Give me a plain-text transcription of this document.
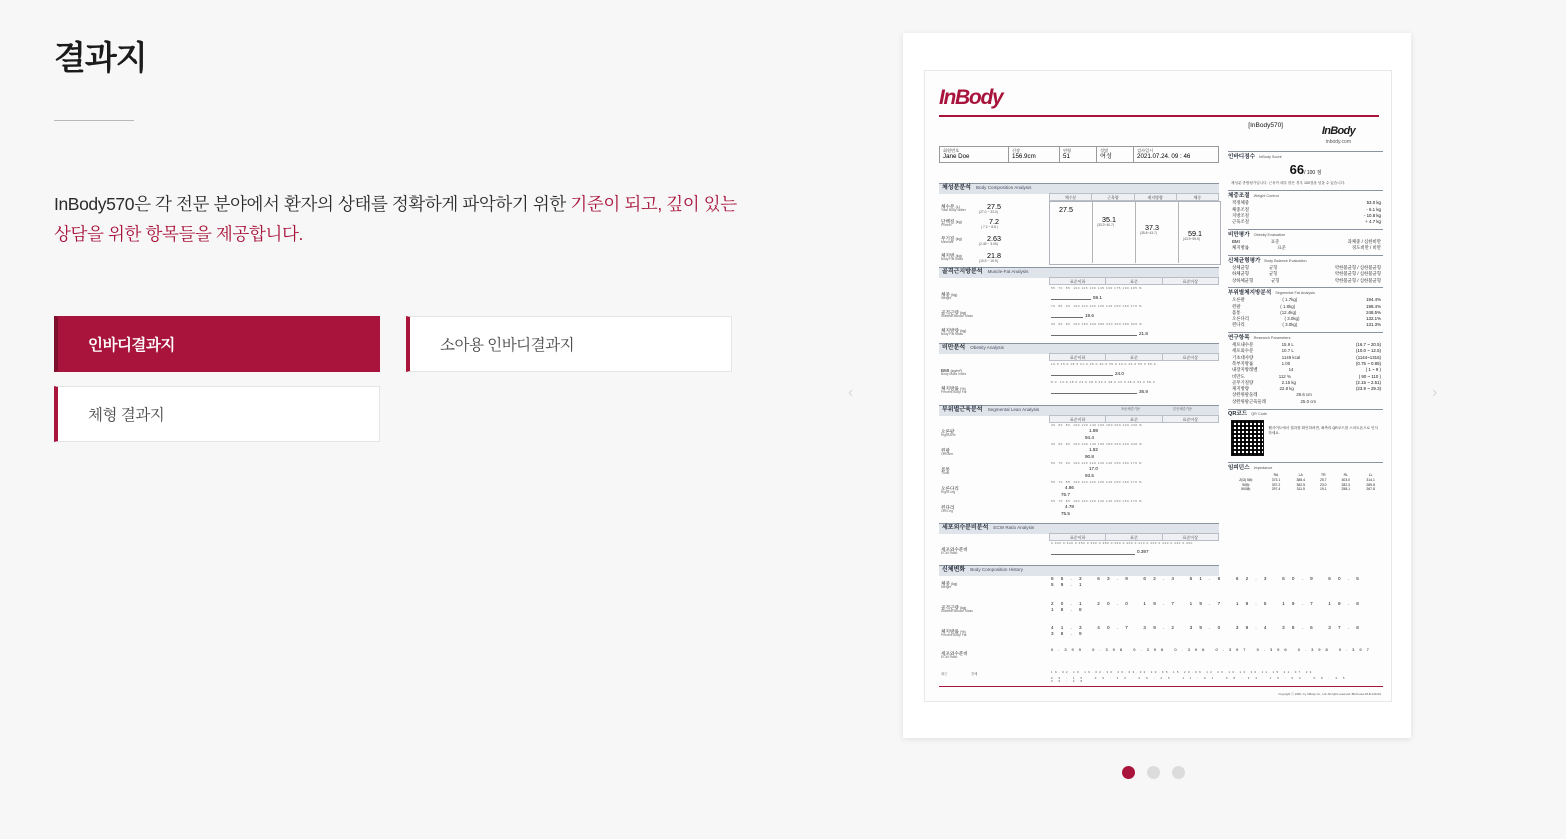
결과지

InBody570은 각 전문 분야에서 환자의 상태를 정확하게 파악하기 위한 기준이 되고, 깊이 있는 상담을 위한 항목들을 제공합니다.

인바디결과지	소아용 인바디결과지
체형 결과지
‹	›
InBody
[InBody570]	InBody
inbody.com
회원번호
Jane Doe

신장
156.9cm

연령
51

성별
여성

검사일시
2021.07.24. 09 : 46
체성분분석 Body Composition Analysis
체수분	근육량	제지방량	체중
체수분 (L)
Total Body Water	27.5
(27.0 ~ 33.0)
단백질 (kg)
Protein	7.2
( 7.2 ~ 8.8 )
무기질 (kg)
Minerals	2.63
(2.49 ~ 3.05)
체지방 (kg)
Body Fat Mass	21.8
(10.5 ~ 16.9)
27.5
35.1
(33.3~40.7)	37.3
(35.8~43.7)	59.1
(43.9~59.5)
골격근지방분석 Muscle-Fat Analysis
표준이하	표준	표준이상
체중 (kg)
Weight
55  70  85  100 115 130 145 160 175 190 205 %
59.1
골격근량 (kg)
Skeletal Muscle Mass
70  80  90  100 110 120 130 140 150 160 170 %
19.6
체지방량 (kg)
Body Fat Mass
40  60  80  100 160 220 280 340 400 460 520 %
21.8
비만분석 Obesity Analysis
표준이하	표준	표준이상
BMI (kg/m²)
Body Mass Index
10.0 15.0 18.5 21.0 25.0 30.0 35.0 40.0 45.0 50.0 55.0
24.0
체지방률 (%)
Percent Body Fat
8.0  13.0 18.0 23.0 28.0 33.0 38.0 43.0 48.0 53.0 58.0
36.9
부위별근육분석 Segmental Lean Analysis	표준체중기준	본인체중기준
표준이하	표준	표준이상
오른팔
Right Arm
40  60  80  100 120 140 160 180 200 220 240 %
1.89
94.4
왼팔
Left Arm
40  60  80  100 120 140 160 180 200 220 240 %
1.82
90.8
몸통
Trunk
50  70  90  100 110 120 130 140 150 160 170 %
17.0
93.5
오른다리
Right Leg
55  70  85  100 110 120 130 140 150 160 170 %
4.86
76.7
왼다리
Left Leg
55  70  85  100 110 120 130 140 150 160 170 %
4.78
75.5
세포외수분비분석 ECW Ratio Analysis
표준이하	표준	표준이상
세포외수분비
ECW Ratio
0.320 0.340 0.350 0.360 0.380 0.390 0.400 0.410 0.420 0.430 0.440 0.460
0.397
신체변화 Body Composition History
체중 (kg)
Weight
65.3 63.9 62.4 61.8 62.3 60.9 60.5 59.1
골격근량 (kg)
Skeletal Muscle Mass
20.1 20.0 19.7 19.7 19.5 19.7 19.8 18.8
체지방률 (%)
Percent Body Fat
41.3 40.7 39.2 39.0 39.4 38.6 37.8 38.9
세포외수분비
ECW Ratio
0.399 0.398 0.396 0.396 0.397 0.396 0.398 0.397
19.02.10 19.02.30 20.03.02 20.05.15 20.06.12 20.10.10 20.11.15 21.07.24
09:15 09:40 09:25 11:01 08:33 15:50 08:35 09:48
최근	전체
인바디점수 InBody Score
66/ 100 점
체성분 종합평가입니다. 근육이 매우 많은 경우 100점을 넘을 수 있습니다.
체중조절 Weight Control
적정체중	53.0 kg
체중조절	- 6.1 kg
지방조절	- 10.8 kg
근육조절	+ 4.7 kg
비만평가 Obesity Evaluation
BMI	표준	과체중 / 심한비만
체지방률	표준	경도비만 / 비만
신체균형평가 Body Balance Evaluation
상체균형	균형	약한불균형 / 심한불균형
하체균형	균형	약한불균형 / 심한불균형
상하체균형	균형	약한불균형 / 심한불균형
부위별체지방분석 Segmental Fat Analysis
오른팔	( 1.7kg)	194.4%
왼팔	( 1.8kg)	198.4%
몸통	(12.4kg)	248.5%
오른다리	( 3.0kg)	132.1%
왼다리	( 3.0kg)	131.3%
연구항목 Research Parameters
세포내수분	15.9 L	(16.7 ~ 20.5)
세포외수분	10.7 L	(10.0 ~ 12.5)
기초대사량	1149 kcal	(1144~1316)
복부지방률	1.00	(0.75 ~ 0.85)
내장지방레벨	14	( 1 ~ 9 )
비만도	112 %	( 90 ~ 110 )
골무기질량	2.15 kg	(2.15 ~ 2.51)
제지방량	22.8 kg	(23.9 ~ 29.3)
상완위팔둘레	29.6 cm
상완위팔근육둘레	25.0 cm
QR코드 QR Code
웹사이트에서 결과를 확인하려면, 좌측의 QR코드를 스마트폰으로 인식하세요.
임피던스 Impedance
	RA	LA	TR	RL	LL
Z(Ω) 5㎑	373.1	385.4	25.7	303.0	314.1
50㎑	337.2	352.5	23.0	282.3	289.8
500㎑	297.4	311.5	19.1	258.1	267.8
Copyright ⓒ 1996~ by InBody Co., Ltd. All rights reserved. BR-Korea-03-B-131201
